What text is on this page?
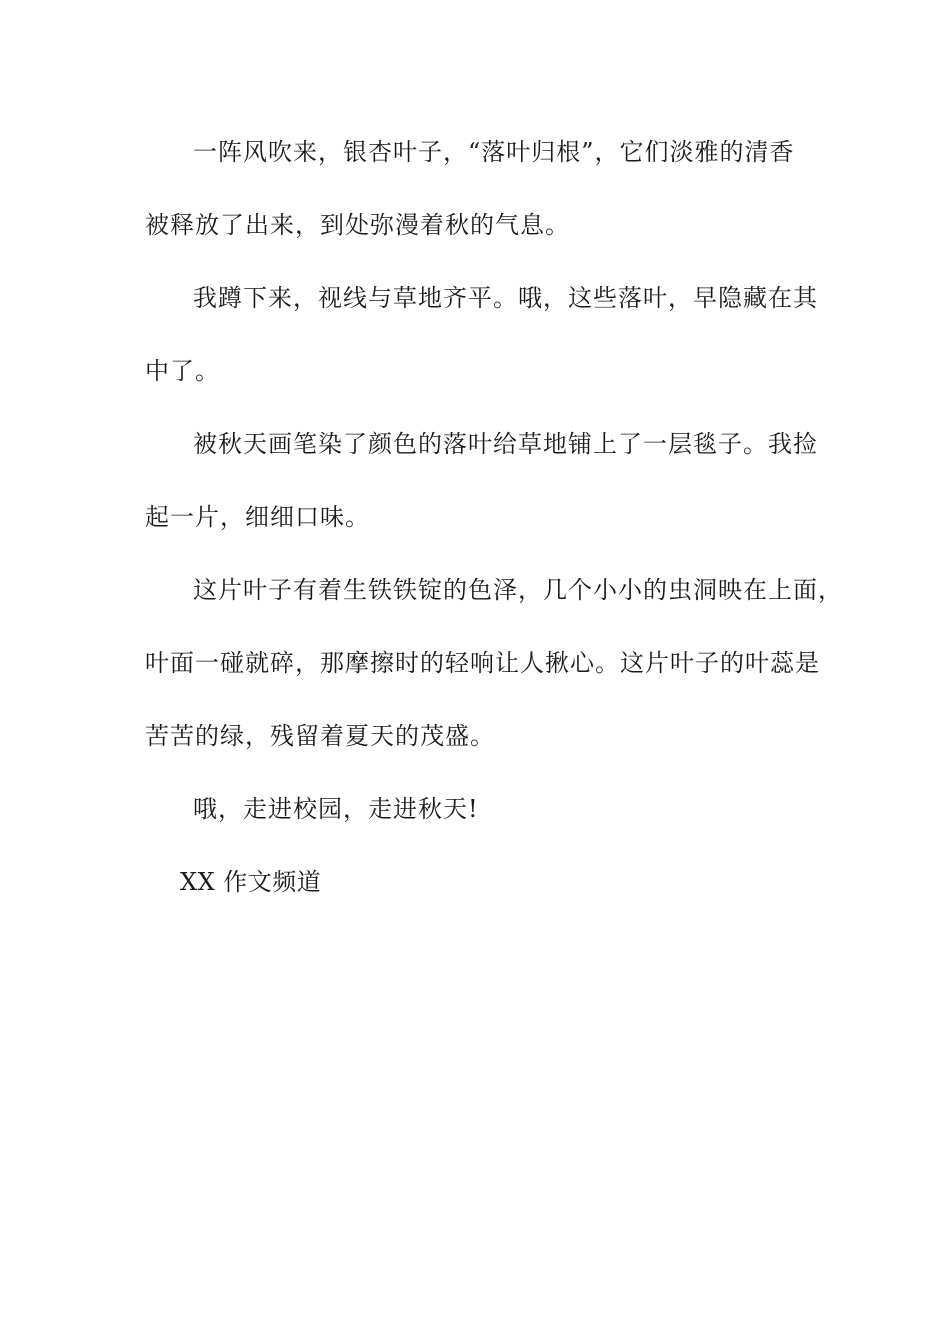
一阵风吹来，银杏叶子，“落叶归根”，它们淡雅的清香
被释放了出来，到处弥漫着秋的气息。
我蹲下来，视线与草地齐平。哦，这些落叶，早隐藏在其
中了。
被秋天画笔染了颜色的落叶给草地铺上了一层毯子。我捡
起一片，细细口味。
这片叶子有着生铁铁锭的色泽，几个小小的虫洞映在上面，
叶面一碰就碎，那摩擦时的轻响让人揪心。这片叶子的叶蕊是
苦苦的绿，残留着夏天的茂盛。
哦，走进校园，走进秋天!
XX 作文频道
